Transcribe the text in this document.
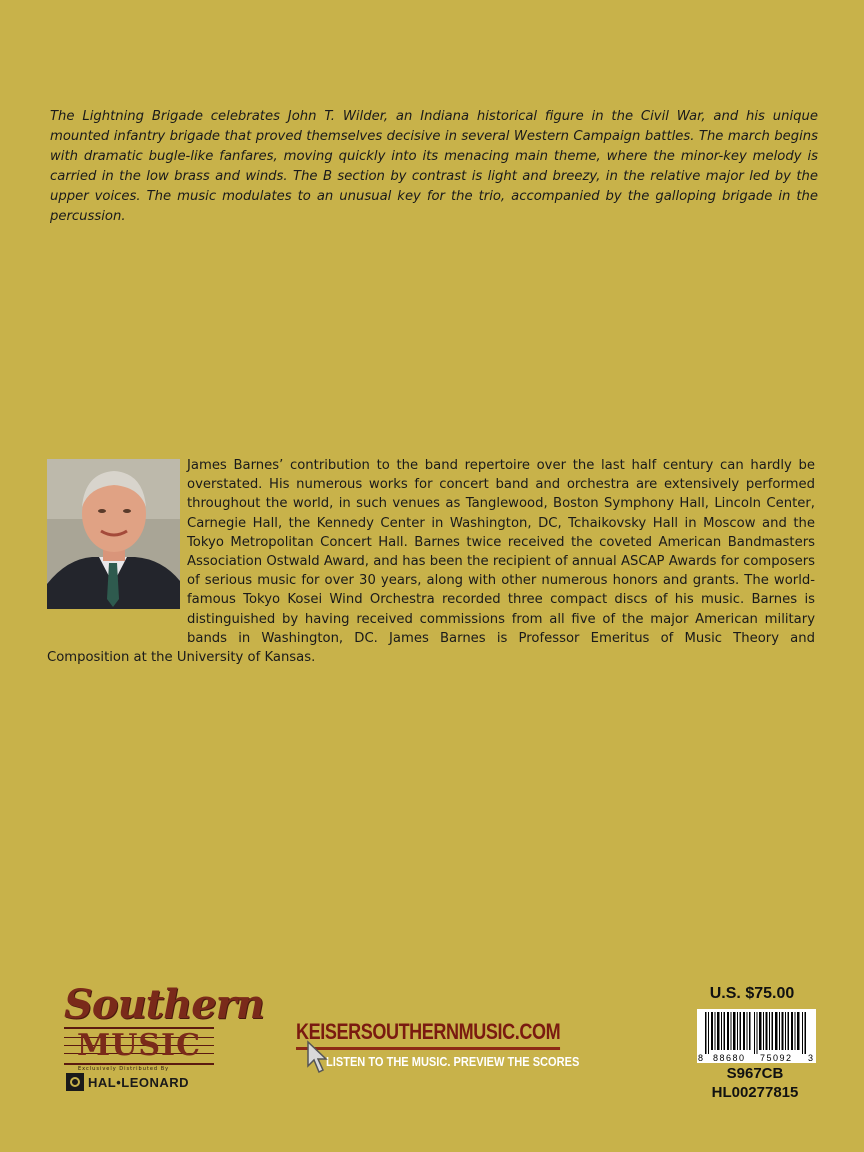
The Lightning Brigade celebrates John T. Wilder, an Indiana historical figure in the Civil War, and his unique mounted infantry brigade that proved themselves decisive in several Western Campaign battles. The march begins with dramatic bugle-like fanfares, moving quickly into its menacing main theme, where the minor-key melody is carried in the low brass and winds. The B section by contrast is light and breezy, in the relative major led by the upper voices. The music modulates to an unusual key for the trio, accompanied by the galloping brigade in the percussion.

James Barnes’ contribution to the band repertoire over the last half century can hardly be overstated. His numerous works for concert band and orchestra are extensively performed throughout the world, in such venues as Tanglewood, Boston Symphony Hall, Lincoln Center, Carnegie Hall, the Kennedy Center in Washington, DC, Tchaikovsky Hall in Moscow and the Tokyo Metropolitan Concert Hall. Barnes twice received the coveted American Bandmasters Association Ostwald Award, and has been the recipient of annual ASCAP Awards for composers of serious music for over 30 years, along with other numerous honors and grants. The world-famous Tokyo Kosei Wind Orchestra recorded three compact discs of his music. Barnes is distinguished by having received commissions from all five of the major American military bands in Washington, DC. James Barnes is Professor Emeritus of Music Theory and Composition at the University of Kansas.

Southern
MUSIC
Exclusively Distributed By
HAL•LEONARD
KEISERSOUTHERNMUSIC.COM
LISTEN TO THE MUSIC. PREVIEW THE SCORES
U.S. $75.00
8 88680 75092 3
S967CB
HL00277815
